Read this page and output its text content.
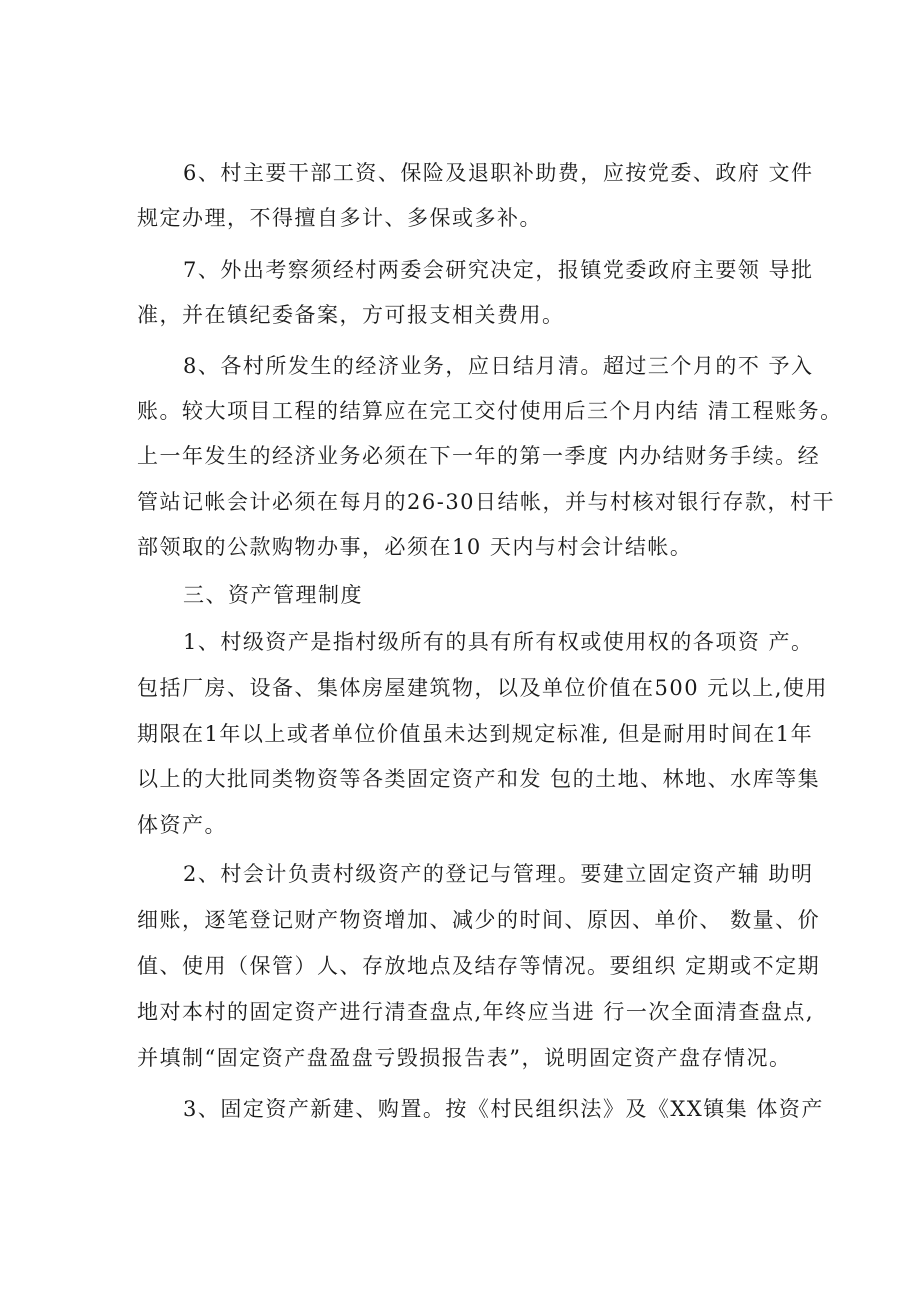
6、村主要干部工资、保险及退职补助费，应按党委、政府 文件
规定办理，不得擅自多计、多保或多补。
7、外出考察须经村两委会研究决定，报镇党委政府主要领 导批
准，并在镇纪委备案，方可报支相关费用。
8、各村所发生的经济业务，应日结月清。超过三个月的不 予入
账。较大项目工程的结算应在完工交付使用后三个月内结 清工程账务。
上一年发生的经济业务必须在下一年的第一季度 内办结财务手续。经
管站记帐会计必须在每月的26-30日结帐，并与村核对银行存款，村干
部领取的公款购物办事，必须在10 天内与村会计结帐。
三、资产管理制度
1、村级资产是指村级所有的具有所有权或使用权的各项资 产。
包括厂房、设备、集体房屋建筑物，以及单位价值在500 元以上,使用
期限在1年以上或者单位价值虽未达到规定标准, 但是耐用时间在1年
以上的大批同类物资等各类固定资产和发 包的土地、林地、水库等集
体资产。
2、村会计负责村级资产的登记与管理。要建立固定资产辅 助明
细账，逐笔登记财产物资增加、减少的时间、原因、单价、 数量、价
值、使用（保管）人、存放地点及结存等情况。要组织 定期或不定期
地对本村的固定资产进行清查盘点,年终应当进 行一次全面清查盘点,
并填制“固定资产盘盈盘亏毁损报告表”，说明固定资产盘存情况。
3、固定资产新建、购置。按《村民组织法》及《XX镇集 体资产
